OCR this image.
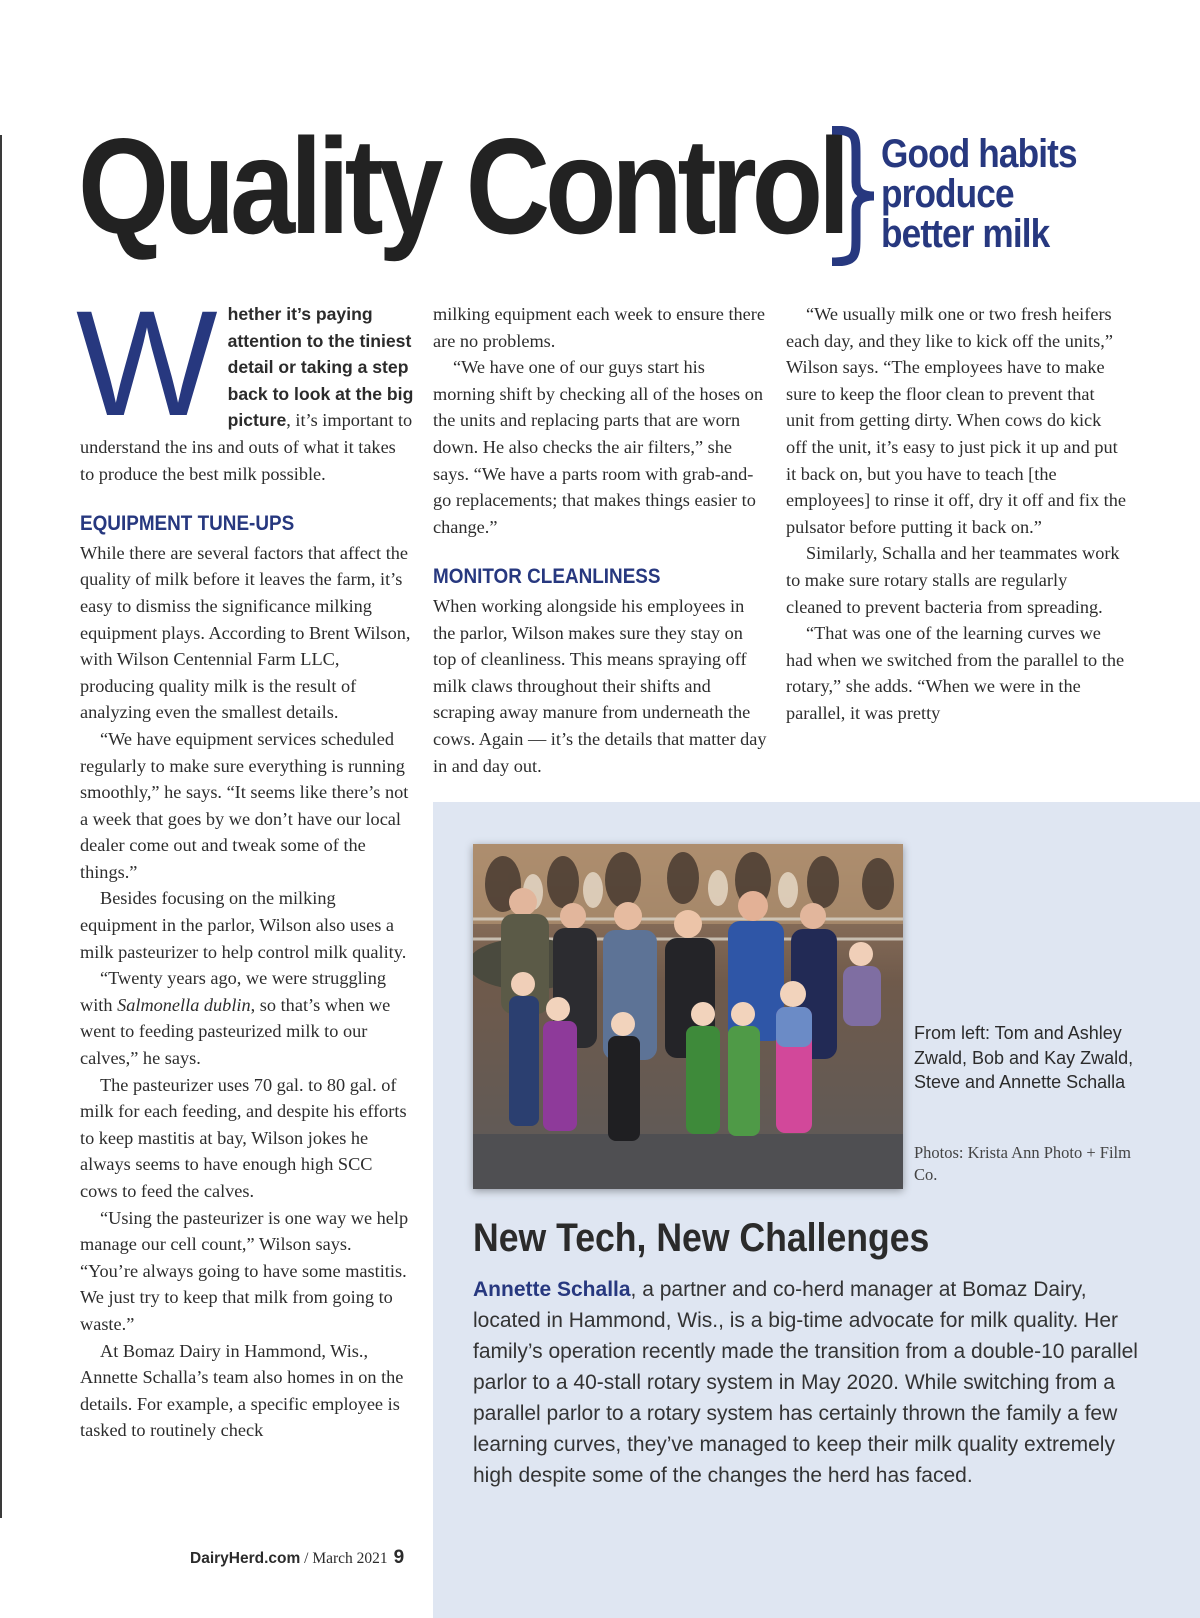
Quality Control Good habits
produce
better milk

Whether it’s paying attention to the tiniest detail or taking a step back to look at the big picture, it’s important to understand the ins and outs of what it takes to produce the best milk possible.

EQUIPMENT TUNE-UPS

While there are several factors that affect the quality of milk before it leaves the farm, it’s easy to dismiss the significance milking equipment plays. According to Brent Wilson, with Wilson Centennial Farm LLC, producing quality milk is the result of analyzing even the smallest details.

“We have equipment services scheduled regularly to make sure everything is running smoothly,” he says. “It seems like there’s not a week that goes by we don’t have our local dealer come out and tweak some of the things.”

Besides focusing on the milking equipment in the parlor, Wilson also uses a milk pasteurizer to help control milk quality.

“Twenty years ago, we were struggling with Salmonella dublin, so that’s when we went to feeding pasteurized milk to our calves,” he says.

The pasteurizer uses 70 gal. to 80 gal. of milk for each feeding, and despite his efforts to keep mastitis at bay, Wilson jokes he always seems to have enough high SCC cows to feed the calves.

“Using the pasteurizer is one way we help manage our cell count,” Wilson says. “You’re always going to have some mastitis. We just try to keep that milk from going to waste.”

At Bomaz Dairy in Hammond, Wis., Annette Schalla’s team also homes in on the details. For example, a specific employee is tasked to routinely check

milking equipment each week to ensure there are no problems.

“We have one of our guys start his morning shift by checking all of the hoses on the units and replacing parts that are worn down. He also checks the air filters,” she says. “We have a parts room with grab-and-go replacements; that makes things easier to change.”

MONITOR CLEANLINESS

When working alongside his employees in the parlor, Wilson makes sure they stay on top of cleanliness. This means spraying off milk claws throughout their shifts and scraping away manure from underneath the cows. Again — it’s the details that matter day in and day out.

“We usually milk one or two fresh heifers each day, and they like to kick off the units,” Wilson says. “The employees have to make sure to keep the floor clean to prevent that unit from getting dirty. When cows do kick off the unit, it’s easy to just pick it up and put it back on, but you have to teach [the employees] to rinse it off, dry it off and fix the pulsator before putting it back on.”

Similarly, Schalla and her teammates work to make sure rotary stalls are regularly cleaned to prevent bacteria from spreading.

“That was one of the learning curves we had when we switched from the parallel to the rotary,” she adds. “When we were in the parallel, it was pretty

From left: Tom and Ashley Zwald, Bob and Kay Zwald, Steve and Annette Schalla

Photos: Krista Ann Photo + Film Co.

New Tech, New Challenges

Annette Schalla, a partner and co-herd manager at Bomaz Dairy, located in Hammond, Wis., is a big-time advocate for milk quality. Her family’s operation recently made the transition from a double-10 parallel parlor to a 40-stall rotary system in May 2020. While switching from a parallel parlor to a rotary system has certainly thrown the family a few learning curves, they’ve managed to keep their milk quality extremely high despite some of the changes the herd has faced.

DairyHerd.com / March 2021 9
